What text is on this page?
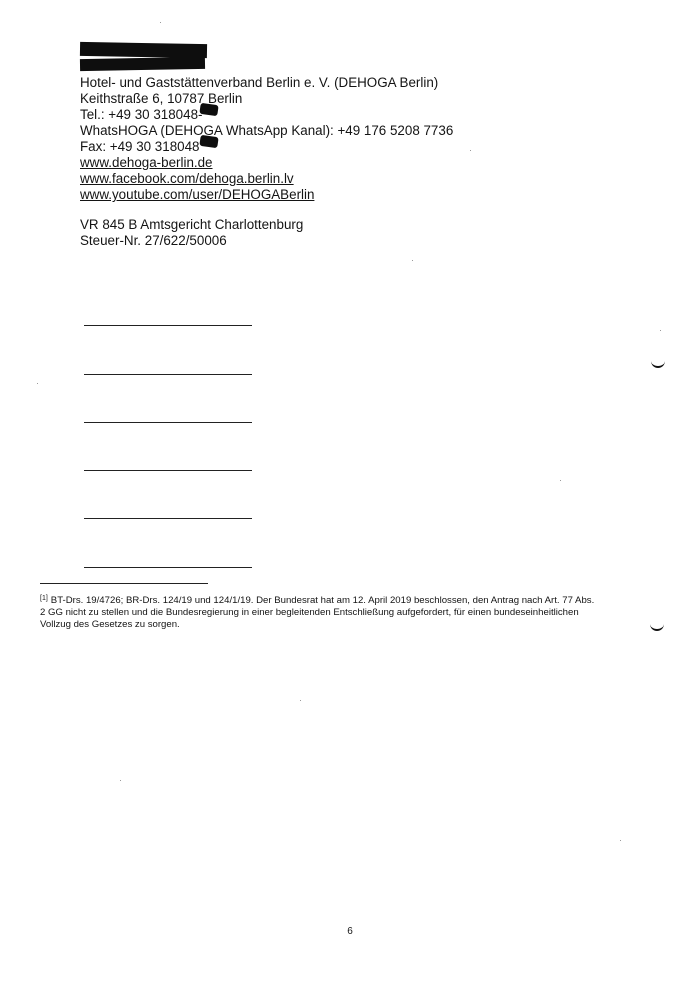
Hotel- und Gaststättenverband Berlin e. V. (DEHOGA Berlin)
Keithstraße 6, 10787 Berlin
Tel.: +49 30 318048-
WhatsHOGA (DEHOGA WhatsApp Kanal): +49 176 5208 7736
Fax: +49 30 318048
www.dehoga-berlin.de
www.facebook.com/dehoga.berlin.lv
www.youtube.com/user/DEHOGABerlin
VR 845 B Amtsgericht Charlottenburg
Steuer-Nr. 27/622/50006
[1] BT-Drs. 19/4726; BR-Drs. 124/19 und 124/1/19. Der Bundesrat hat am 12. April 2019 beschlossen, den Antrag nach Art. 77 Abs. 2 GG nicht zu stellen und die Bundesregierung in einer begleitenden Entschließung aufgefordert, für einen bundeseinheitlichen Vollzug des Gesetzes zu sorgen.
6
